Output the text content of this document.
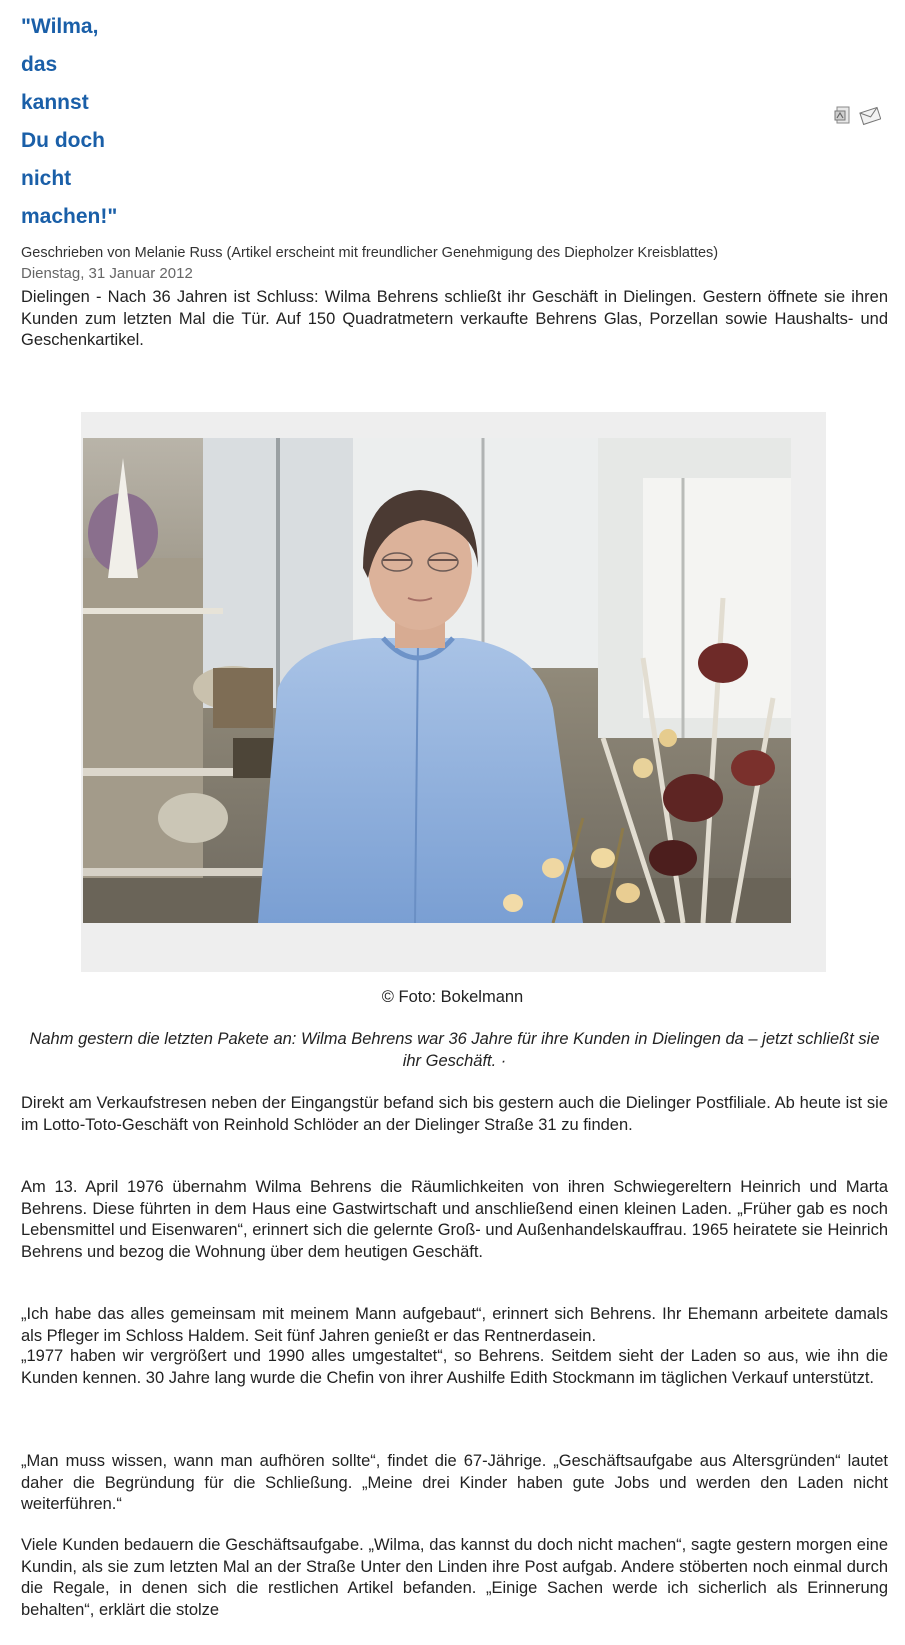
"Wilma,
das
kannst
Du doch
nicht
machen!"
Geschrieben von Melanie Russ (Artikel erscheint mit freundlicher Genehmigung des Diepholzer Kreisblattes)
Dienstag, 31 Januar 2012

Dielingen - Nach 36 Jahren ist Schluss: Wilma Behrens schließt ihr Geschäft in Dielingen. Gestern öffnete sie ihren Kunden zum letzten Mal die Tür. Auf 150 Quadratmetern verkaufte Behrens Glas, Porzellan sowie Haushalts- und Geschenkartikel.

© Foto: Bokelmann

Nahm gestern die letzten Pakete an: Wilma Behrens war 36 Jahre für ihre Kunden in Dielingen da – jetzt schließt sie ihr Geschäft. ·

Direkt am Verkaufstresen neben der Eingangstür befand sich bis gestern auch die Dielinger Postfiliale. Ab heute ist sie im Lotto-Toto-Geschäft von Reinhold Schlöder an der Dielinger Straße 31 zu finden.

Am 13. April 1976 übernahm Wilma Behrens die Räumlichkeiten von ihren Schwiegereltern Heinrich und Marta Behrens. Diese führten in dem Haus eine Gastwirtschaft und anschließend einen kleinen Laden. „Früher gab es noch Lebensmittel und Eisenwaren“, erinnert sich die gelernte Groß- und Außenhandelskauffrau. 1965 heiratete sie Heinrich Behrens und bezog die Wohnung über dem heutigen Geschäft.

„Ich habe das alles gemeinsam mit meinem Mann aufgebaut“, erinnert sich Behrens. Ihr Ehemann arbeitete damals als Pfleger im Schloss Haldem. Seit fünf Jahren genießt er das Rentnerdasein.

„1977 haben wir vergrößert und 1990 alles umgestaltet“, so Behrens. Seitdem sieht der Laden so aus, wie ihn die Kunden kennen. 30 Jahre lang wurde die Chefin von ihrer Aushilfe Edith Stockmann im täglichen Verkauf unterstützt.

„Man muss wissen, wann man aufhören sollte“, findet die 67-Jährige. „Geschäftsaufgabe aus Altersgründen“ lautet daher die Begründung für die Schließung. „Meine drei Kinder haben gute Jobs und werden den Laden nicht weiterführen.“

Viele Kunden bedauern die Geschäftsaufgabe. „Wilma, das kannst du doch nicht machen“, sagte gestern morgen eine Kundin, als sie zum letzten Mal an der Straße Unter den Linden ihre Post aufgab. Andere stöberten noch einmal durch die Regale, in denen sich die restlichen Artikel befanden. „Einige Sachen werde ich sicherlich als Erinnerung behalten“, erklärt die stolze
